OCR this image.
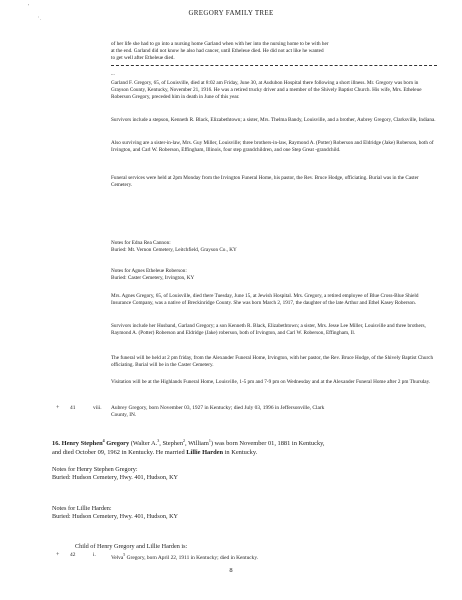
'
' .
GREGORY FAMILY TREE

of her life she had to go into a nursing home Garland when with her into the nursing home to be with her

at the end. Garland did not know he also had cancer, until Etheleue died. He did not act like he wanted

to get well after Etheleue died.

...

Garland F. Gregory, 65, of Louisville, died at 8:02 am Friday, June 30, at Audubon Hospital there following a short illness. Mr. Gregory was born in Grayson County, Kentucky, November 21, 1916. He was a retired trucky driver and a member of the Shively Baptist Church. His wife, Mrs. Etheleue Roberson Gregory, preceded him in death in June of this year.

Survivors include a stepson, Kenneth R. Black, Elizabethtown; a sister, Mrs. Thelma Bandy, Louisville, and a brother, Aubrey Gregory, Clarksville, Indiana.

Also surviving are a sister-in-law, Mrs. Guy Miller, Louisville; three brothers-in-law, Raymond A. (Potter) Roberson and Eldridge (Jake) Roberson, both of Irvington, and Carl W. Roberson, Effingham, Illinois, four step grandchildren, and one Step Great -grandchild.

Funeral services were held at 2pm Monday from the Irvington Funeral Home, his pastor, the Rev. Bruce Hodge, officiating. Burial was in the Caster Cemetery.

Notes for Edna Rea Cannon:

Buried: Mt. Vernon Cemetery, Leitchfield, Grayson Co., KY

Notes for Agnes Etheleue Roberson:

Buried: Caster Cemetery, Irvington, KY

Mrs. Agnes Gregory, 65, of Louisville, died there Tuesday, June 15, at Jewish Hospital. Mrs. Gregory, a retired employee of Blue Cross-Blue Shield Insurance Company, was a native of Breckinridge County. She was born March 2, 1917, the daughter of the late Arthur and Ethel Kasey Roberson.

Survivors include her Husband, Garland Gregory; a son Kenneth R. Black, Elizabethtown; a sister, Mrs. Jesse Lee Miller, Louisville and three brothers, Raymond A. (Potter) Roberson and Eldridge (Jake) roberson, both of Irvington, and Carl W. Roberson, Effingham, Il.

The funeral will be held at 2 pm friday, from the Alexander Funeral Home, Irvington, with her pastor, the Rev. Bruce Hodge, of the Shively Baptist Church officiating. Burial will be in the Caster Cemetery.

Visitation will be at the Highlands Funeral Home, Louisville, 1-5 pm and 7-9 pm on Wednesday and at the Alexander Funeral Home after 2 pm Thursday.

+ 41	viii. Aubrey Gregory, born November 03, 1927 in Kentucky; died July 03, 1996 in Jeffersonville, Clark
County, IN.
16. Henry Stephen$^4$ Gregory (Walter A.$^3$, Stephen$^2$, William$^1$) was born November 01, 1881 in Kentucky,
and died October 09, 1962 in Kentucky. He married Lillie Harden in Kentucky.
Notes for Henry Stephen Gregory:
Buried: Hudson Cemetery, Hwy. 401, Hudson, KY
Notes for Lillie Harden:
Buried: Hudson Cemetery, Hwy. 401, Hudson, KY
Child of Henry Gregory and Lillie Harden is:
+ 42	i.	Velva$^5$ Gregory, born April 22, 1911 in Kentucky; died in Kentucky.
8
